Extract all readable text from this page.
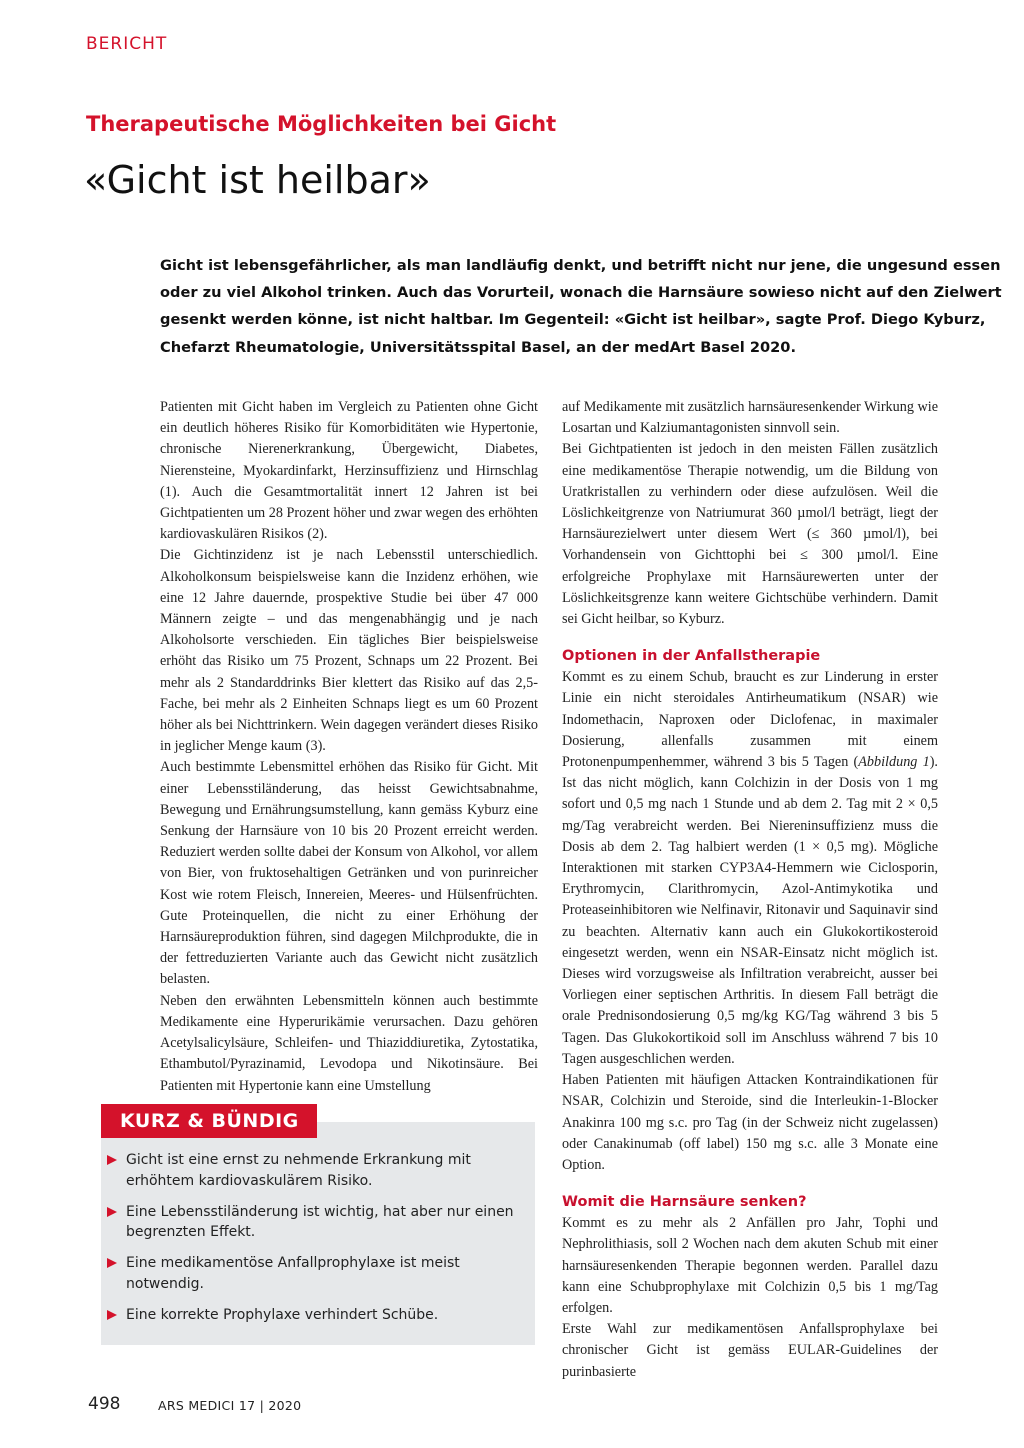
BERICHT
Therapeutische Möglichkeiten bei Gicht
«Gicht ist heilbar»
Gicht ist lebensgefährlicher, als man landläufig denkt, und betrifft nicht nur jene, die ungesund essen
oder zu viel Alkohol trinken. Auch das Vorurteil, wonach die Harnsäure sowieso nicht auf den Zielwert
gesenkt werden könne, ist nicht haltbar. Im Gegenteil: «Gicht ist heilbar», sagte Prof. Diego Kyburz,
Chefarzt Rheumatologie, Universitätsspital Basel, an der medArt Basel 2020.

Patienten mit Gicht haben im Vergleich zu Patienten ohne Gicht ein deutlich höheres Risiko für Komorbiditäten wie Hypertonie, chronische Nierenerkrankung, Übergewicht, Diabetes, Nierensteine, Myokardinfarkt, Herzinsuffizienz und Hirnschlag (1). Auch die Gesamtmortalität innert 12 Jahren ist bei Gichtpatienten um 28 Prozent höher und zwar wegen des erhöhten kardiovaskulären Risikos (2).

Die Gichtinzidenz ist je nach Lebensstil unterschiedlich. Alkoholkonsum beispielsweise kann die Inzidenz erhöhen, wie eine 12 Jahre dauernde, prospektive Studie bei über 47 000 Männern zeigte – und das mengenabhängig und je nach Alkoholsorte verschieden. Ein tägliches Bier beispielsweise erhöht das Risiko um 75 Prozent, Schnaps um 22 Prozent. Bei mehr als 2 Standarddrinks Bier klettert das Risiko auf das 2,5-Fache, bei mehr als 2 Einheiten Schnaps liegt es um 60 Prozent höher als bei Nichttrinkern. Wein dagegen verändert dieses Risiko in jeglicher Menge kaum (3).

Auch bestimmte Lebensmittel erhöhen das Risiko für Gicht. Mit einer Lebensstiländerung, das heisst Gewichtsabnahme, Bewegung und Ernährungsumstellung, kann gemäss Kyburz eine Senkung der Harnsäure von 10 bis 20 Prozent erreicht werden. Reduziert werden sollte dabei der Konsum von Alkohol, vor allem von Bier, von fruktosehaltigen Getränken und von purinreicher Kost wie rotem Fleisch, Innereien, Meeres- und Hülsenfrüchten. Gute Proteinquellen, die nicht zu einer Erhöhung der Harnsäureproduktion führen, sind dagegen Milchprodukte, die in der fettreduzierten Variante auch das Gewicht nicht zusätzlich belasten.

Neben den erwähnten Lebensmitteln können auch bestimmte Medikamente eine Hyperurikämie verursachen. Dazu gehören Acetylsalicylsäure, Schleifen- und Thiaziddiuretika, Zytostatika, Ethambutol/Pyrazinamid, Levodopa und Nikotinsäure. Bei Patienten mit Hypertonie kann eine Umstellung

auf Medikamente mit zusätzlich harnsäuresenkender Wirkung wie Losartan und Kalziumantagonisten sinnvoll sein.

Bei Gichtpatienten ist jedoch in den meisten Fällen zusätzlich eine medikamentöse Therapie notwendig, um die Bildung von Uratkristallen zu verhindern oder diese aufzulösen. Weil die Löslichkeitgrenze von Natriumurat 360 µmol/l beträgt, liegt der Harnsäurezielwert unter diesem Wert (≤ 360 µmol/l), bei Vorhandensein von Gichttophi bei ≤ 300 µmol/l. Eine erfolgreiche Prophylaxe mit Harnsäurewerten unter der Löslichkeitsgrenze kann weitere Gichtschübe verhindern. Damit sei Gicht heilbar, so Kyburz.

Optionen in der Anfallstherapie

Kommt es zu einem Schub, braucht es zur Linderung in erster Linie ein nicht steroidales Antirheumatikum (NSAR) wie Indomethacin, Naproxen oder Diclofenac, in maximaler Dosierung, allenfalls zusammen mit einem Protonenpumpenhemmer, während 3 bis 5 Tagen (Abbildung 1). Ist das nicht möglich, kann Colchizin in der Dosis von 1 mg sofort und 0,5 mg nach 1 Stunde und ab dem 2. Tag mit 2 × 0,5 mg/Tag verabreicht werden. Bei Niereninsuffizienz muss die Dosis ab dem 2. Tag halbiert werden (1 × 0,5 mg). Mögliche Interaktionen mit starken CYP3A4-Hemmern wie Ciclosporin, Erythromycin, Clarithromycin, Azol-Antimykotika und Proteaseinhibitoren wie Nelfinavir, Ritonavir und Saquinavir sind zu beachten. Alternativ kann auch ein Glukokortikosteroid eingesetzt werden, wenn ein NSAR-Einsatz nicht möglich ist. Dieses wird vorzugsweise als Infiltration verabreicht, ausser bei Vorliegen einer septischen Arthritis. In diesem Fall beträgt die orale Prednisondosierung 0,5 mg/kg KG/Tag während 3 bis 5 Tagen. Das Glukokortikoid soll im Anschluss während 7 bis 10 Tagen ausgeschlichen werden.

Haben Patienten mit häufigen Attacken Kontraindikationen für NSAR, Colchizin und Steroide, sind die Interleukin-1-Blocker Anakinra 100 mg s.c. pro Tag (in der Schweiz nicht zugelassen) oder Canakinumab (off label) 150 mg s.c. alle 3 Monate eine Option.

Womit die Harnsäure senken?

Kommt es zu mehr als 2 Anfällen pro Jahr, Tophi und Nephrolithiasis, soll 2 Wochen nach dem akuten Schub mit einer harnsäuresenkenden Therapie begonnen werden. Parallel dazu kann eine Schubprophylaxe mit Colchizin 0,5 bis 1 mg/Tag erfolgen.

Erste Wahl zur medikamentösen Anfallsprophylaxe bei chronischer Gicht ist gemäss EULAR-Guidelines der purinbasierte

KURZ & BÜNDIG
Gicht ist eine ernst zu nehmende Erkrankung mit erhöhtem kardiovaskulärem Risiko.
Eine Lebensstiländerung ist wichtig, hat aber nur einen begrenzten Effekt.
Eine medikamentöse Anfallprophylaxe ist meist notwendig.
Eine korrekte Prophylaxe verhindert Schübe.
498	ARS MEDICI 17 | 2020
